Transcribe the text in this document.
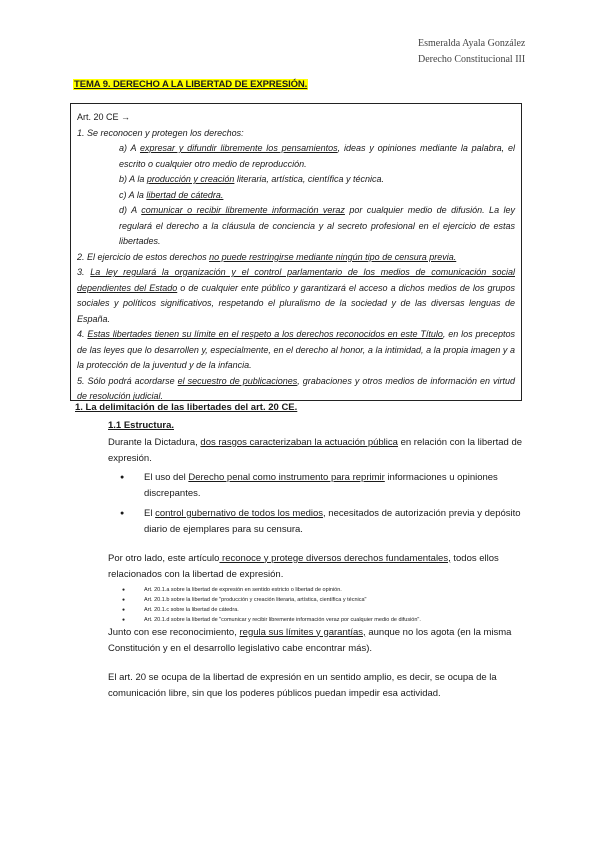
Esmeralda Ayala González
Derecho Constitucional III
TEMA 9. DERECHO A LA LIBERTAD DE EXPRESIÓN.

Art. 20 CE →

1. Se reconocen y protegen los derechos:

a) A expresar y difundir libremente los pensamientos, ideas y opiniones mediante la palabra, el escrito o cualquier otro medio de reproducción.

b) A la producción y creación literaria, artística, científica y técnica.

c) A la libertad de cátedra.

d) A comunicar o recibir libremente información veraz por cualquier medio de difusión. La ley regulará el derecho a la cláusula de conciencia y al secreto profesional en el ejercicio de estas libertades.

2. El ejercicio de estos derechos no puede restringirse mediante ningún tipo de censura previa.

3. La ley regulará la organización y el control parlamentario de los medios de comunicación social dependientes del Estado o de cualquier ente público y garantizará el acceso a dichos medios de los grupos sociales y políticos significativos, respetando el pluralismo de la sociedad y de las diversas lenguas de España.

4. Estas libertades tienen su límite en el respeto a los derechos reconocidos en este Título, en los preceptos de las leyes que lo desarrollen y, especialmente, en el derecho al honor, a la intimidad, a la propia imagen y a la protección de la juventud y de la infancia.

5. Sólo podrá acordarse el secuestro de publicaciones, grabaciones y otros medios de información en virtud de resolución judicial.

1. La delimitación de las libertades del art. 20 CE.

1.1 Estructura.

Durante la Dictadura, dos rasgos caracterizaban la actuación pública en relación con la libertad de expresión.

● El uso del Derecho penal como instrumento para reprimir informaciones u opiniones discrepantes.
● El control gubernativo de todos los medios, necesitados de autorización previa y depósito diario de ejemplares para su censura.

Por otro lado, este artículo reconoce y protege diversos derechos fundamentales, todos ellos relacionados con la libertad de expresión.

● Art. 20.1.a sobre la libertad de expresión en sentido estricto o libertad de opinión.
● Art. 20.1.b sobre la libertad de "producción y creación literaria, artística, científica y técnica"
● Art. 20.1.c sobre la libertad de cátedra.
● Art. 20.1.d sobre la libertad de "comunicar y recibir libremente información veraz por cualquier medio de difusión".

Junto con ese reconocimiento, regula sus límites y garantías, aunque no los agota (en la misma Constitución y en el desarrollo legislativo cabe encontrar más).

El art. 20 se ocupa de la libertad de expresión en un sentido amplio, es decir, se ocupa de la comunicación libre, sin que los poderes públicos puedan impedir esa actividad.
